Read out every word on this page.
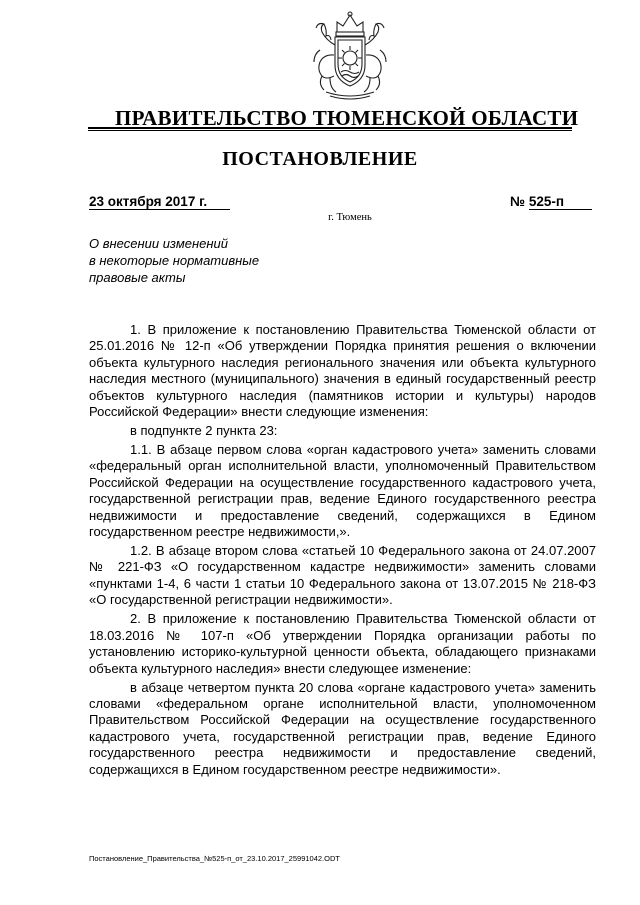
ПРАВИТЕЛЬСТВО ТЮМЕНСКОЙ ОБЛАСТИ
ПОСТАНОВЛЕНИЕ
23 октября 2017 г.	№ 525-п
г. Тюмень
О внесении изменений
в некоторые нормативные
правовые акты

1. В приложение к постановлению Правительства Тюменской области от 25.01.2016 № 12-п «Об утверждении Порядка принятия решения о включении объекта культурного наследия регионального значения или объекта культурного наследия местного (муниципального) значения в единый государственный реестр объектов культурного наследия (памятников истории и культуры) народов Российской Федерации» внести следующие изменения:

в подпункте 2 пункта 23:

1.1. В абзаце первом слова «орган кадастрового учета» заменить словами «федеральный орган исполнительной власти, уполномоченный Правительством Российской Федерации на осуществление государственного кадастрового учета, государственной регистрации прав, ведение Единого государственного реестра недвижимости и предоставление сведений, содержащихся в Едином государственном реестре недвижимости,».

1.2. В абзаце втором слова «статьей 10 Федерального закона от 24.07.2007 № 221-ФЗ «О государственном кадастре недвижимости» заменить словами «пунктами 1-4, 6 части 1 статьи 10 Федерального закона от 13.07.2015 № 218-ФЗ «О государственной регистрации недвижимости».

2. В приложение к постановлению Правительства Тюменской области от 18.03.2016 № 107-п «Об утверждении Порядка организации работы по установлению историко-культурной ценности объекта, обладающего признаками объекта культурного наследия» внести следующее изменение:

в абзаце четвертом пункта 20 слова «органе кадастрового учета» заменить словами «федеральном органе исполнительной власти, уполномоченном Правительством Российской Федерации на осуществление государственного кадастрового учета, государственной регистрации прав, ведение Единого государственного реестра недвижимости и предоставление сведений, содержащихся в Едином государственном реестре недвижимости».

Постановление_Правительства_№525-п_от_23.10.2017_25991042.ODT
